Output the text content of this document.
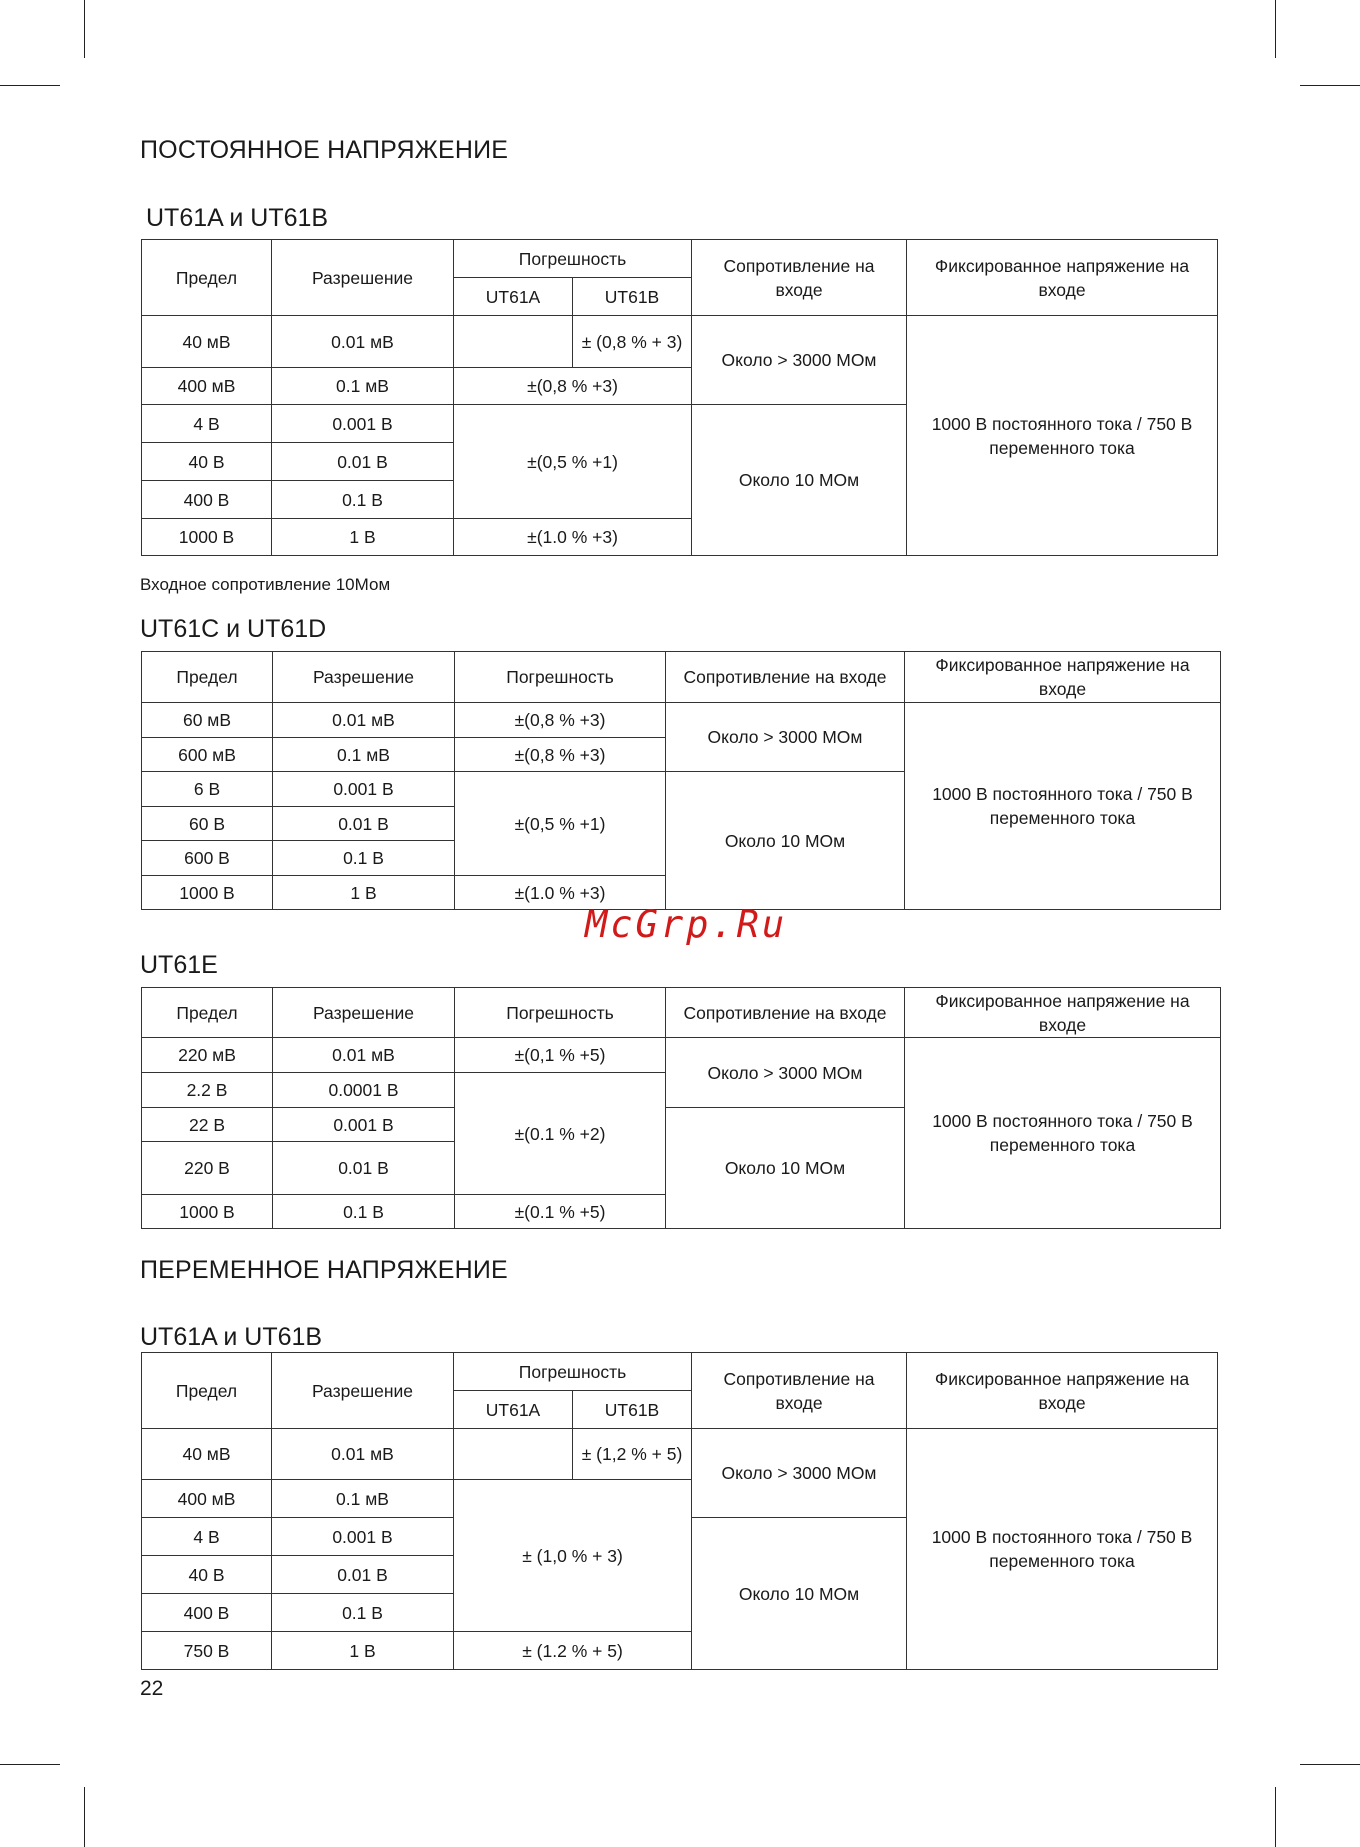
ПОСТОЯННОЕ НАПРЯЖЕНИЕ
UT61A и UT61B
Предел	Разрешение	Погрешность		Сопротивление на входе	Фиксированное напряжение на входе
		UT61A	UT61B		
40 мВ	0.01 мВ		± (0,8 % + 3)	Около > 3000 МОм	1000 В постоянного тока / 750 В переменного тока
400 мВ	0.1 мВ	±(0,8 % +3)			
4 В	0.001 В	±(0,5 % +1)		Около 10 МОм	
40 В	0.01 В				
400 В	0.1 В				
1000 В	1 В	±(1.0 % +3)			

Входное сопротивление 10Мом

UT61C и UT61D
Предел	Разрешение	Погрешность	Сопротивление на входе	Фиксированное напряжение на входе
60 мВ	0.01 мВ	±(0,8 % +3)	Около > 3000 МОм	1000 В постоянного тока / 750 В переменного тока
600 мВ	0.1 мВ	±(0,8 % +3)		
6 В	0.001 В	±(0,5 % +1)	Около 10 МОм	
60 В	0.01 В			
600 В	0.1 В			
1000 В	1 В	±(1.0 % +3)		
McGrp.Ru
UT61E
Предел	Разрешение	Погрешность	Сопротивление на входе	Фиксированное напряжение на входе
220 мВ	0.01 мВ	±(0,1 % +5)	Около > 3000 МОм	1000 В постоянного тока / 750 В переменного тока
2.2 В	0.0001 В	±(0.1 % +2)		
22 В	0.001 В		Около 10 МОм	
220 В	0.01 В			
1000 В	0.1 В	±(0.1 % +5)		
ПЕРЕМЕННОЕ НАПРЯЖЕНИЕ
UT61A и UT61B
Предел	Разрешение	Погрешность		Сопротивление на входе	Фиксированное напряжение на входе
		UT61A	UT61B		
40 мВ	0.01 мВ		± (1,2 % + 5)	Около > 3000 МОм	1000 В постоянного тока / 750 В переменного тока
400 мВ	0.1 мВ	± (1,0 % + 3)			
4 В	0.001 В			Около 10 МОм	
40 В	0.01 В				
400 В	0.1 В				
750 В	1 В	± (1.2 % + 5)			

22
